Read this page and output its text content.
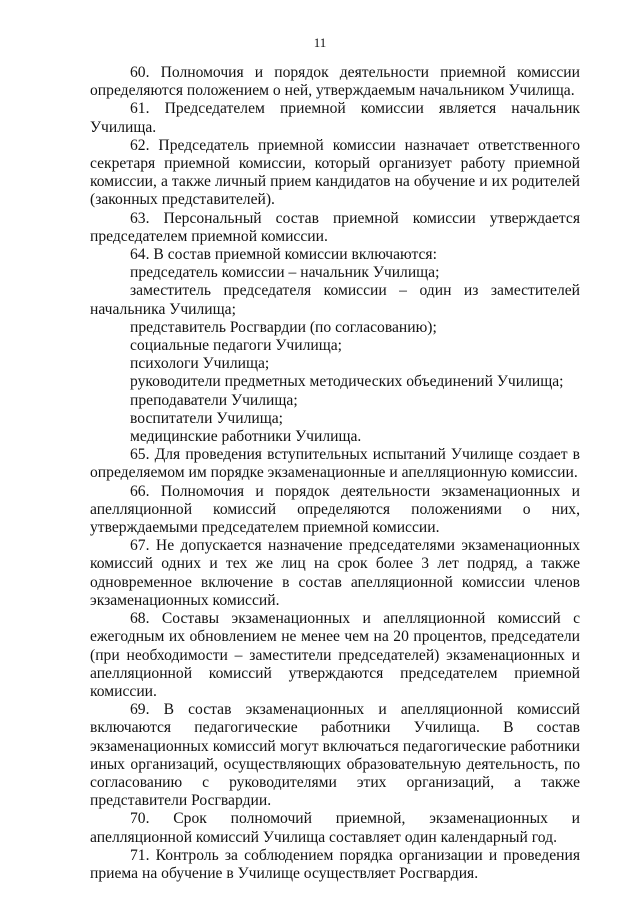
11

60. Полномочия и порядок деятельности приемной комиссии определяются положением о ней, утверждаемым начальником Училища.

61. Председателем приемной комиссии является начальник Училища.

62. Председатель приемной комиссии назначает ответственного секретаря приемной комиссии, который организует работу приемной комиссии, а также личный прием кандидатов на обучение и их родителей (законных представителей).

63. Персональный состав приемной комиссии утверждается председателем приемной комиссии.

64. В состав приемной комиссии включаются:

председатель комиссии – начальник Училища;

заместитель председателя комиссии – один из заместителей начальника Училища;

представитель Росгвардии (по согласованию);

социальные педагоги Училища;

психологи Училища;

руководители предметных методических объединений Училища;

преподаватели Училища;

воспитатели Училища;

медицинские работники Училища.

65. Для проведения вступительных испытаний Училище создает в определяемом им порядке экзаменационные и апелляционную комиссии.

66. Полномочия и порядок деятельности экзаменационных и апелляционной комиссий определяются положениями о них, утверждаемыми председателем приемной комиссии.

67. Не допускается назначение председателями экзаменационных комиссий одних и тех же лиц на срок более 3 лет подряд, а также одновременное включение в состав апелляционной комиссии членов экзаменационных комиссий.

68. Составы экзаменационных и апелляционной комиссий с ежегодным их обновлением не менее чем на 20 процентов, председатели (при необходимости – заместители председателей) экзаменационных и апелляционной комиссий утверждаются председателем приемной комиссии.

69. В состав экзаменационных и апелляционной комиссий включаются педагогические работники Училища. В состав экзаменационных комиссий могут включаться педагогические работники иных организаций, осуществляющих образовательную деятельность, по согласованию с руководителями этих организаций, а также представители Росгвардии.

70. Срок полномочий приемной, экзаменационных и апелляционной комиссий Училища составляет один календарный год.

71. Контроль за соблюдением порядка организации и проведения приема на обучение в Училище осуществляет Росгвардия.
